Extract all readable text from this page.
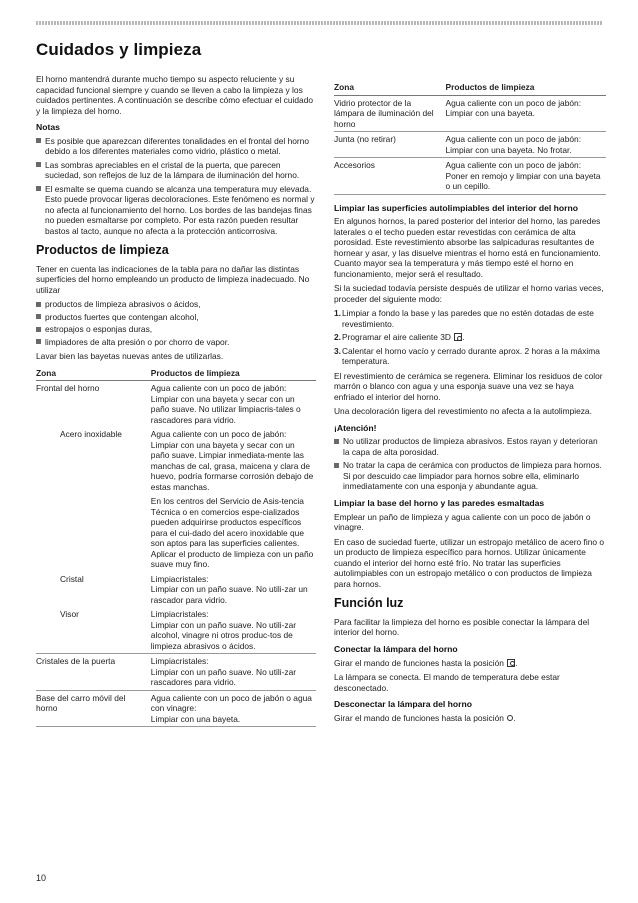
Cuidados y limpieza

El horno mantendrá durante mucho tiempo su aspecto reluciente y su capacidad funcional siempre y cuando se lleven a cabo la limpieza y los cuidados pertinentes. A continuación se describe cómo efectuar el cuidado y la limpieza del horno.

Notas
Es posible que aparezcan diferentes tonalidades en el frontal del horno debido a los diferentes materiales como vidrio, plástico o metal.
Las sombras apreciables en el cristal de la puerta, que parecen suciedad, son reflejos de luz de la lámpara de iluminación del horno.
El esmalte se quema cuando se alcanza una temperatura muy elevada. Esto puede provocar ligeras decoloraciones. Este fenómeno es normal y no afecta al funcionamiento del horno. Los bordes de las bandejas finas no pueden esmaltarse por completo. Por esta razón pueden resultar bastos al tacto, aunque no afecta a la protección anticorrosiva.
Productos de limpieza

Tener en cuenta las indicaciones de la tabla para no dañar las distintas superficies del horno empleando un producto de limpieza inadecuado. No utilizar

productos de limpieza abrasivos o ácidos,
productos fuertes que contengan alcohol,
estropajos o esponjas duras,
limpiadores de alta presión o por chorro de vapor.

Lavar bien las bayetas nuevas antes de utilizarlas.

Zona	Productos de limpieza
Frontal del horno	Agua caliente con un poco de jabón:
Limpiar con una bayeta y secar con un paño suave. No utilizar limpiacris-tales o rascadores para vidrio.
Acero inoxidable	Agua caliente con un poco de jabón:
Limpiar con una bayeta y secar con un paño suave. Limpiar inmediata-mente las manchas de cal, grasa, maicena y clara de huevo, podría formarse corrosión debajo de estas manchas.
	En los centros del Servicio de Asis-tencia Técnica o en comercios espe-cializados pueden adquirirse productos específicos para el cui-dado del acero inoxidable que son aptos para las superficies calientes. Aplicar el producto de limpieza con un paño suave muy fino.
Cristal	Limpiacristales:
Limpiar con un paño suave. No utili-zar un rascador para vidrio.
Visor	Limpiacristales:
Limpiar con un paño suave. No utili-zar alcohol, vinagre ni otros produc-tos de limpieza abrasivos o ácidos.
Cristales de la puerta	Limpiacristales:
Limpiar con un paño suave. No utili-zar rascadores para vidrio.
Base del carro móvil del horno	Agua caliente con un poco de jabón o agua con vinagre:
Limpiar con una bayeta.
Zona	Productos de limpieza
Vidrio protector de la lámpara de iluminación del horno	Agua caliente con un poco de jabón:
Limpiar con una bayeta.
Junta (no retirar)	Agua caliente con un poco de jabón:
Limpiar con una bayeta. No frotar.
Accesorios	Agua caliente con un poco de jabón:
Poner en remojo y limpiar con una bayeta o un cepillo.
Limpiar las superficies autolimpiables del interior del horno

En algunos hornos, la pared posterior del interior del horno, las paredes laterales o el techo pueden estar revestidas con cerámica de alta porosidad. Este revestimiento absorbe las salpicaduras resultantes de hornear y asar, y las disuelve mientras el horno está en funcionamiento. Cuanto mayor sea la temperatura y más tiempo esté el horno en funcionamiento, mejor será el resultado.

Si la suciedad todavía persiste después de utilizar el horno varias veces, proceder del siguiente modo:

1. Limpiar a fondo la base y las paredes que no estén dotadas de este revestimiento.
2. Programar el aire caliente 3D .
3. Calentar el horno vacío y cerrado durante aprox. 2 horas a la máxima temperatura.

El revestimiento de cerámica se regenera. Eliminar los residuos de color marrón o blanco con agua y una esponja suave una vez se haya enfriado el interior del horno.

Una decoloración ligera del revestimiento no afecta a la autolimpieza.

¡Atención!
No utilizar productos de limpieza abrasivos. Estos rayan y deterioran la capa de alta porosidad.
No tratar la capa de cerámica con productos de limpieza para hornos. Si por descuido cae limpiador para hornos sobre ella, eliminarlo inmediatamente con una esponja y abundante agua.
Limpiar la base del horno y las paredes esmaltadas

Emplear un paño de limpieza y agua caliente con un poco de jabón o vinagre.

En caso de suciedad fuerte, utilizar un estropajo metálico de acero fino o un producto de limpieza específico para hornos. Utilizar únicamente cuando el interior del horno esté frío. No tratar las superficies autolimpiables con un estropajo metálico o con productos de limpieza para hornos.

Función luz

Para facilitar la limpieza del horno es posible conectar la lámpara del interior del horno.

Conectar la lámpara del horno

Girar el mando de funciones hasta la posición .

La lámpara se conecta. El mando de temperatura debe estar desconectado.

Desconectar la lámpara del horno

Girar el mando de funciones hasta la posición .

10
